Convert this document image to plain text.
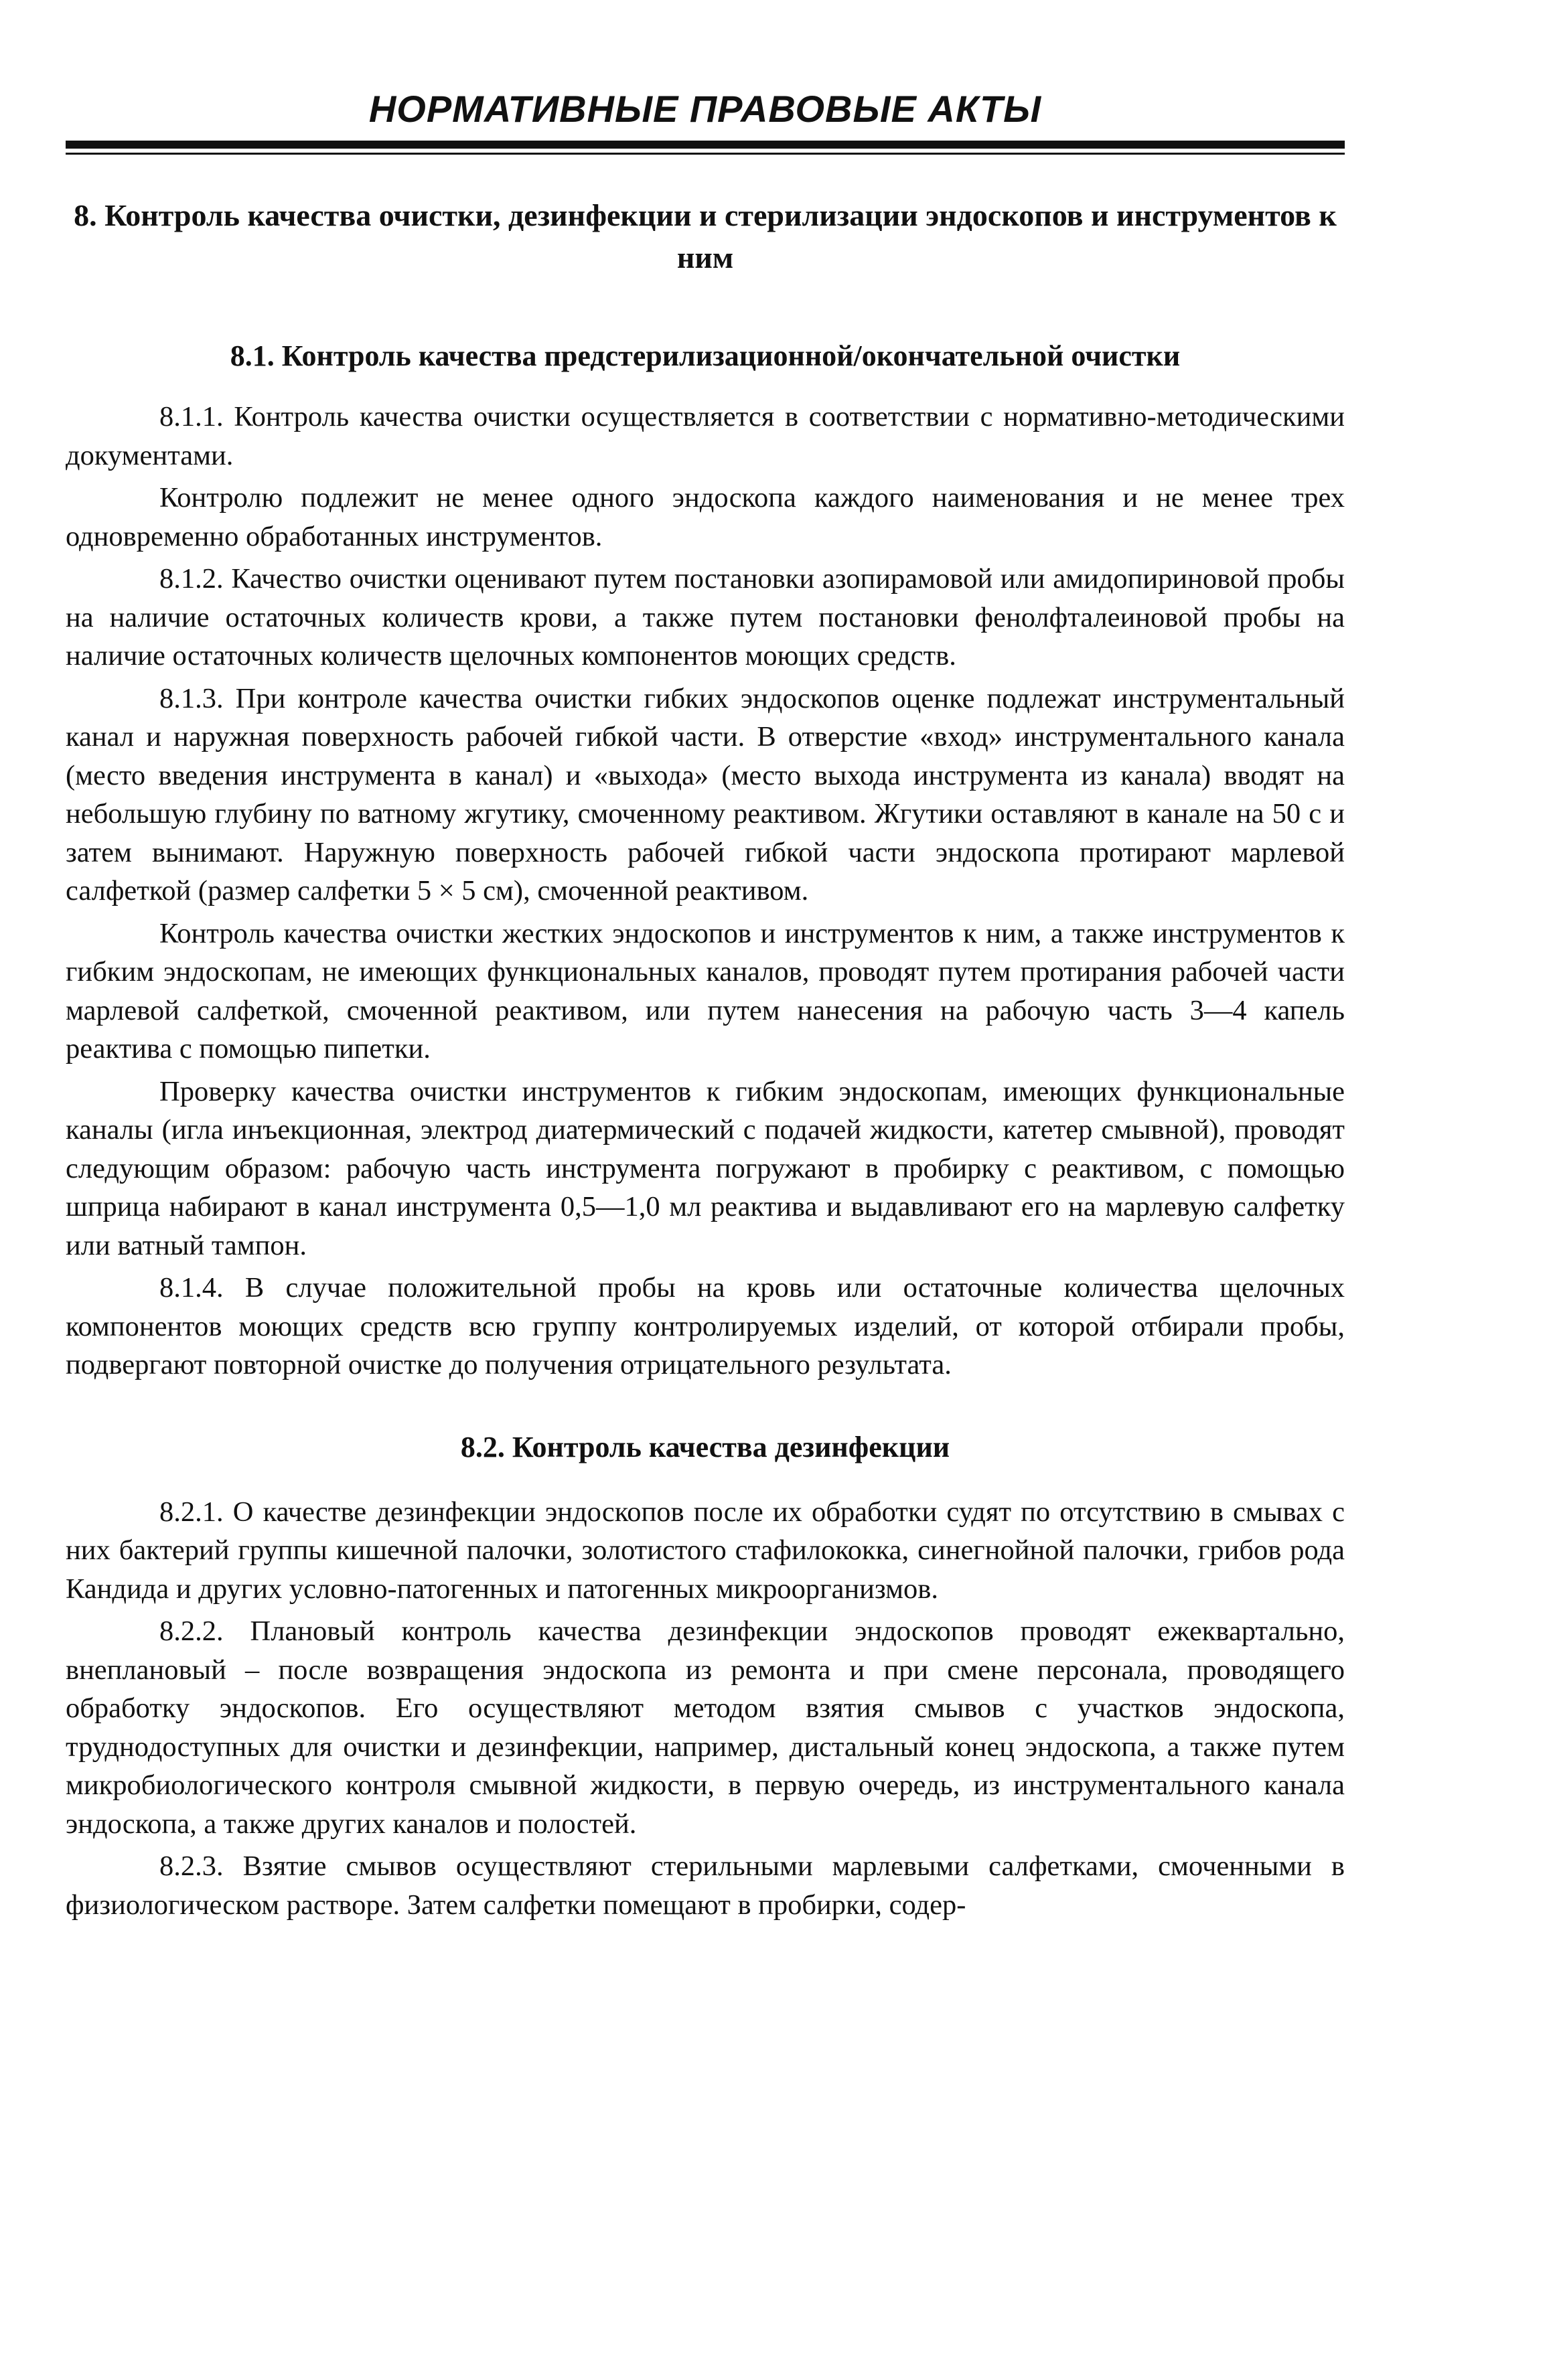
НОРМАТИВНЫЕ ПРАВОВЫЕ АКТЫ
8. Контроль качества очистки, дезинфекции и стерилизации эндоскопов и инструментов к ним
8.1. Контроль качества предстерилизационной/окончательной очистки

8.1.1. Контроль качества очистки осуществляется в соответствии с нормативно-методическими документами.

Контролю подлежит не менее одного эндоскопа каждого наименования и не менее трех одновременно обработанных инструментов.

8.1.2. Качество очистки оценивают путем постановки азопирамовой или амидопириновой пробы на наличие остаточных количеств крови, а также путем постановки фенолфталеиновой пробы на наличие остаточных количеств щелочных компонентов моющих средств.

8.1.3. При контроле качества очистки гибких эндоскопов оценке подлежат инструментальный канал и наружная поверхность рабочей гибкой части. В отверстие «вход» инструментального канала (место введения инструмента в канал) и «выхода» (место выхода инструмента из канала) вводят на небольшую глубину по ватному жгутику, смоченному реактивом. Жгутики оставляют в канале на 50 с и затем вынимают. Наружную поверхность рабочей гибкой части эндоскопа протирают марлевой салфеткой (размер салфетки 5 × 5 см), смоченной реактивом.

Контроль качества очистки жестких эндоскопов и инструментов к ним, а также инструментов к гибким эндоскопам, не имеющих функциональных каналов, проводят путем протирания рабочей части марлевой салфеткой, смоченной реактивом, или путем нанесения на рабочую часть 3—4 капель реактива с помощью пипетки.

Проверку качества очистки инструментов к гибким эндоскопам, имеющих функциональные каналы (игла инъекционная, электрод диатермический с подачей жидкости, катетер смывной), проводят следующим образом: рабочую часть инструмента погружают в пробирку с реактивом, с помощью шприца набирают в канал инструмента 0,5—1,0 мл реактива и выдавливают его на марлевую салфетку или ватный тампон.

8.1.4. В случае положительной пробы на кровь или остаточные количества щелочных компонентов моющих средств всю группу контролируемых изделий, от которой отбирали пробы, подвергают повторной очистке до получения отрицательного результата.

8.2. Контроль качества дезинфекции

8.2.1. О качестве дезинфекции эндоскопов после их обработки судят по отсутствию в смывах с них бактерий группы кишечной палочки, золотистого стафилококка, синегнойной палочки, грибов рода Кандида и других условно-патогенных и патогенных микроорганизмов.

8.2.2. Плановый контроль качества дезинфекции эндоскопов проводят ежеквартально, внеплановый – после возвращения эндоскопа из ремонта и при смене персонала, проводящего обработку эндоскопов. Его осуществляют методом взятия смывов с участков эндоскопа, труднодоступных для очистки и дезинфекции, например, дистальный конец эндоскопа, а также путем микробиологического контроля смывной жидкости, в первую очередь, из инструментального канала эндоскопа, а также других каналов и полостей.

8.2.3. Взятие смывов осуществляют стерильными марлевыми салфетками, смоченными в физиологическом растворе. Затем салфетки помещают в пробирки, содер-
